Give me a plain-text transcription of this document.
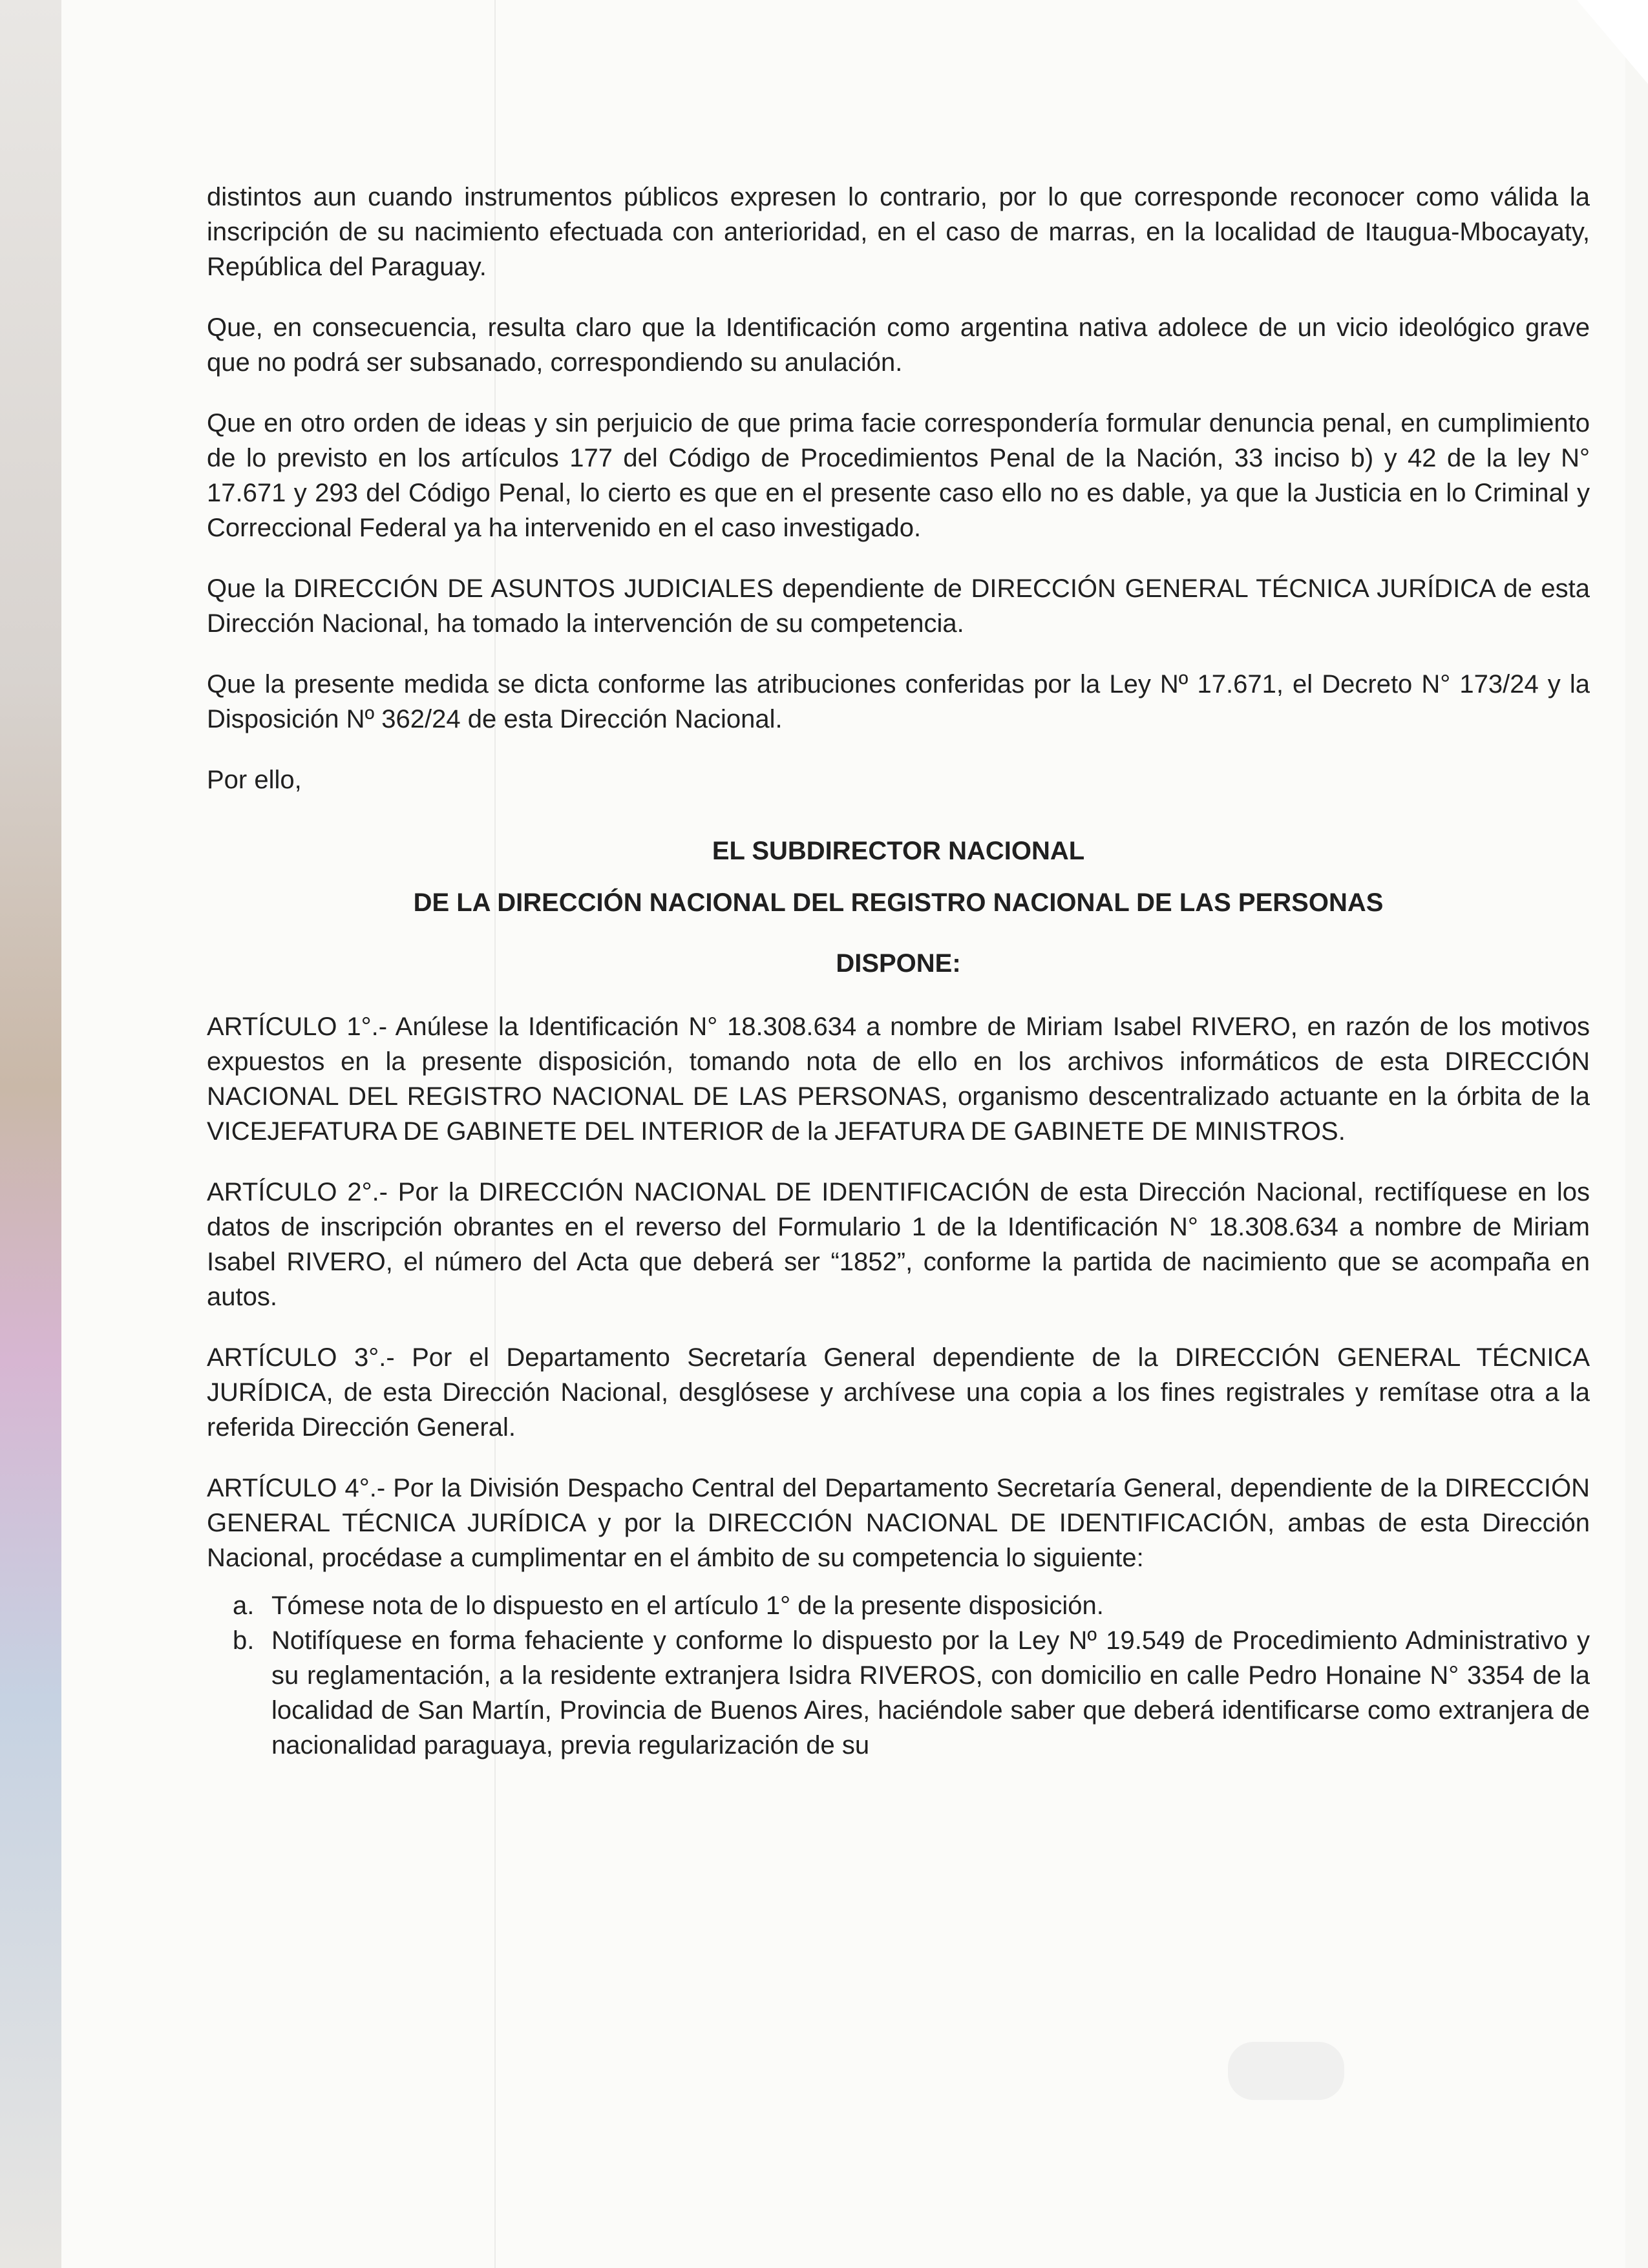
distintos aun cuando instrumentos públicos expresen lo contrario, por lo que corresponde reconocer como válida la inscripción de su nacimiento efectuada con anterioridad, en el caso de marras, en la localidad de Itaugua-Mbocayaty, República del Paraguay.

Que, en consecuencia, resulta claro que la Identificación como argentina nativa adolece de un vicio ideológico grave que no podrá ser subsanado, correspondiendo su anulación.

Que en otro orden de ideas y sin perjuicio de que prima facie correspondería formular denuncia penal, en cumplimiento de lo previsto en los artículos 177 del Código de Procedimientos Penal de la Nación, 33 inciso b) y 42 de la ley N° 17.671 y 293 del Código Penal, lo cierto es que en el presente caso ello no es dable, ya que la Justicia en lo Criminal y Correccional Federal ya ha intervenido en el caso investigado.

Que la DIRECCIÓN DE ASUNTOS JUDICIALES dependiente de DIRECCIÓN GENERAL TÉCNICA JURÍDICA de esta Dirección Nacional, ha tomado la intervención de su competencia.

Que la presente medida se dicta conforme las atribuciones conferidas por la Ley Nº 17.671, el Decreto N° 173/24 y la Disposición Nº 362/24 de esta Dirección Nacional.

Por ello,

EL SUBDIRECTOR NACIONAL

DE LA DIRECCIÓN NACIONAL DEL REGISTRO NACIONAL DE LAS PERSONAS

DISPONE:

ARTÍCULO 1°.- Anúlese la Identificación N° 18.308.634 a nombre de Miriam Isabel RIVERO, en razón de los motivos expuestos en la presente disposición, tomando nota de ello en los archivos informáticos de esta DIRECCIÓN NACIONAL DEL REGISTRO NACIONAL DE LAS PERSONAS, organismo descentralizado actuante en la órbita de la VICEJEFATURA DE GABINETE DEL INTERIOR de la JEFATURA DE GABINETE DE MINISTROS.

ARTÍCULO 2°.- Por la DIRECCIÓN NACIONAL DE IDENTIFICACIÓN de esta Dirección Nacional, rectifíquese en los datos de inscripción obrantes en el reverso del Formulario 1 de la Identificación N° 18.308.634 a nombre de Miriam Isabel RIVERO, el número del Acta que deberá ser “1852”, conforme la partida de nacimiento que se acompaña en autos.

ARTÍCULO 3°.- Por el Departamento Secretaría General dependiente de la DIRECCIÓN GENERAL TÉCNICA JURÍDICA, de esta Dirección Nacional, desglósese y archívese una copia a los fines registrales y remítase otra a la referida Dirección General.

ARTÍCULO 4°.- Por la División Despacho Central del Departamento Secretaría General, dependiente de la DIRECCIÓN GENERAL TÉCNICA JURÍDICA y por la DIRECCIÓN NACIONAL DE IDENTIFICACIÓN, ambas de esta Dirección Nacional, procédase a cumplimentar en el ámbito de su competencia lo siguiente:

a. Tómese nota de lo dispuesto en el artículo 1° de la presente disposición.
b. Notifíquese en forma fehaciente y conforme lo dispuesto por la Ley Nº 19.549 de Procedimiento Administrativo y su reglamentación, a la residente extranjera Isidra RIVEROS, con domicilio en calle Pedro Honaine N° 3354 de la localidad de San Martín, Provincia de Buenos Aires, haciéndole saber que deberá identificarse como extranjera de nacionalidad paraguaya, previa regularización de su
